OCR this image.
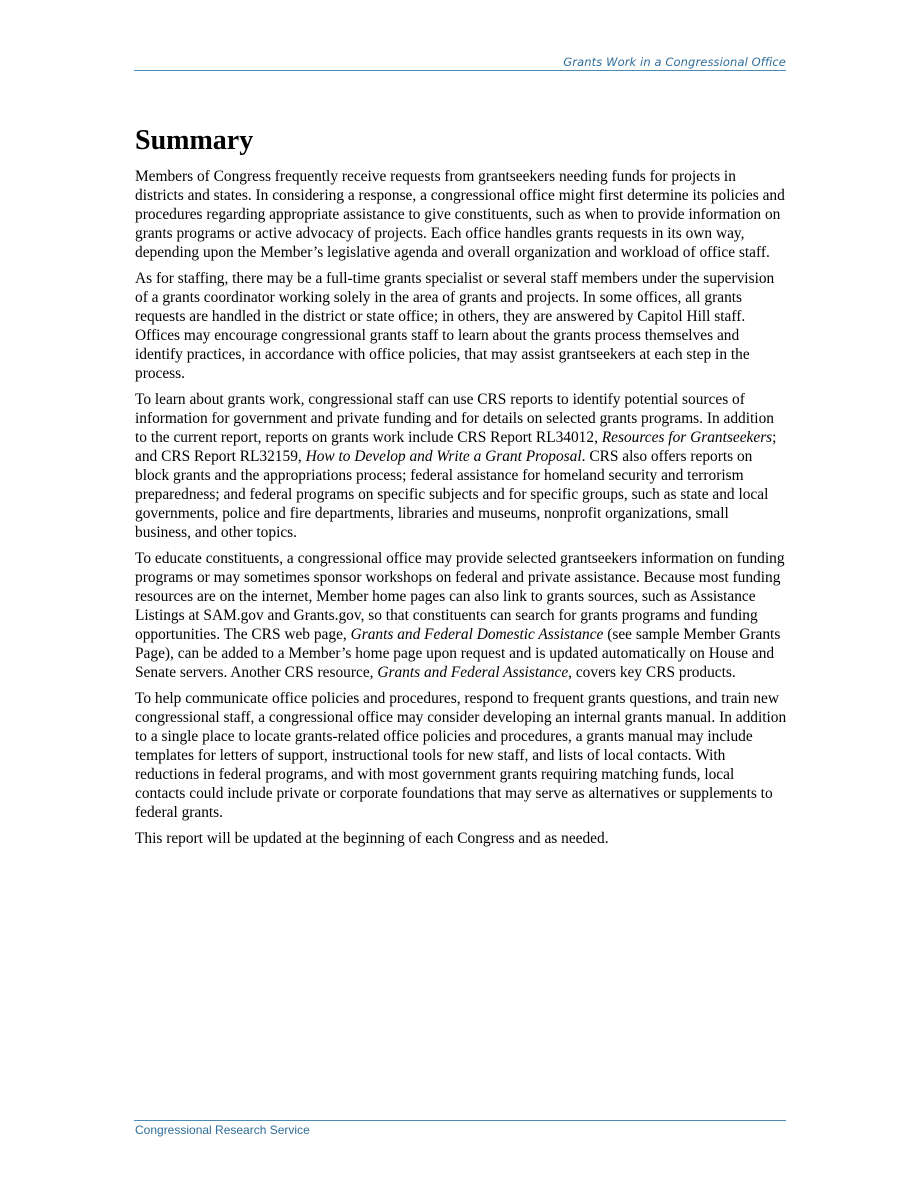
Grants Work in a Congressional Office
Summary

Members of Congress frequently receive requests from grantseekers needing funds for projects in districts and states. In considering a response, a congressional office might first determine its policies and procedures regarding appropriate assistance to give constituents, such as when to provide information on grants programs or active advocacy of projects. Each office handles grants requests in its own way, depending upon the Member’s legislative agenda and overall organization and workload of office staff.

As for staffing, there may be a full-time grants specialist or several staff members under the supervision of a grants coordinator working solely in the area of grants and projects. In some offices, all grants requests are handled in the district or state office; in others, they are answered by Capitol Hill staff. Offices may encourage congressional grants staff to learn about the grants process themselves and identify practices, in accordance with office policies, that may assist grantseekers at each step in the process.

To learn about grants work, congressional staff can use CRS reports to identify potential sources of information for government and private funding and for details on selected grants programs. In addition to the current report, reports on grants work include CRS Report RL34012, Resources for Grantseekers; and CRS Report RL32159, How to Develop and Write a Grant Proposal. CRS also offers reports on block grants and the appropriations process; federal assistance for homeland security and terrorism preparedness; and federal programs on specific subjects and for specific groups, such as state and local governments, police and fire departments, libraries and museums, nonprofit organizations, small business, and other topics.

To educate constituents, a congressional office may provide selected grantseekers information on funding programs or may sometimes sponsor workshops on federal and private assistance. Because most funding resources are on the internet, Member home pages can also link to grants sources, such as Assistance Listings at SAM.gov and Grants.gov, so that constituents can search for grants programs and funding opportunities. The CRS web page, Grants and Federal Domestic Assistance (see sample Member Grants Page), can be added to a Member’s home page upon request and is updated automatically on House and Senate servers. Another CRS resource, Grants and Federal Assistance, covers key CRS products.

To help communicate office policies and procedures, respond to frequent grants questions, and train new congressional staff, a congressional office may consider developing an internal grants manual. In addition to a single place to locate grants-related office policies and procedures, a grants manual may include templates for letters of support, instructional tools for new staff, and lists of local contacts. With reductions in federal programs, and with most government grants requiring matching funds, local contacts could include private or corporate foundations that may serve as alternatives or supplements to federal grants.

This report will be updated at the beginning of each Congress and as needed.

Congressional Research Service
